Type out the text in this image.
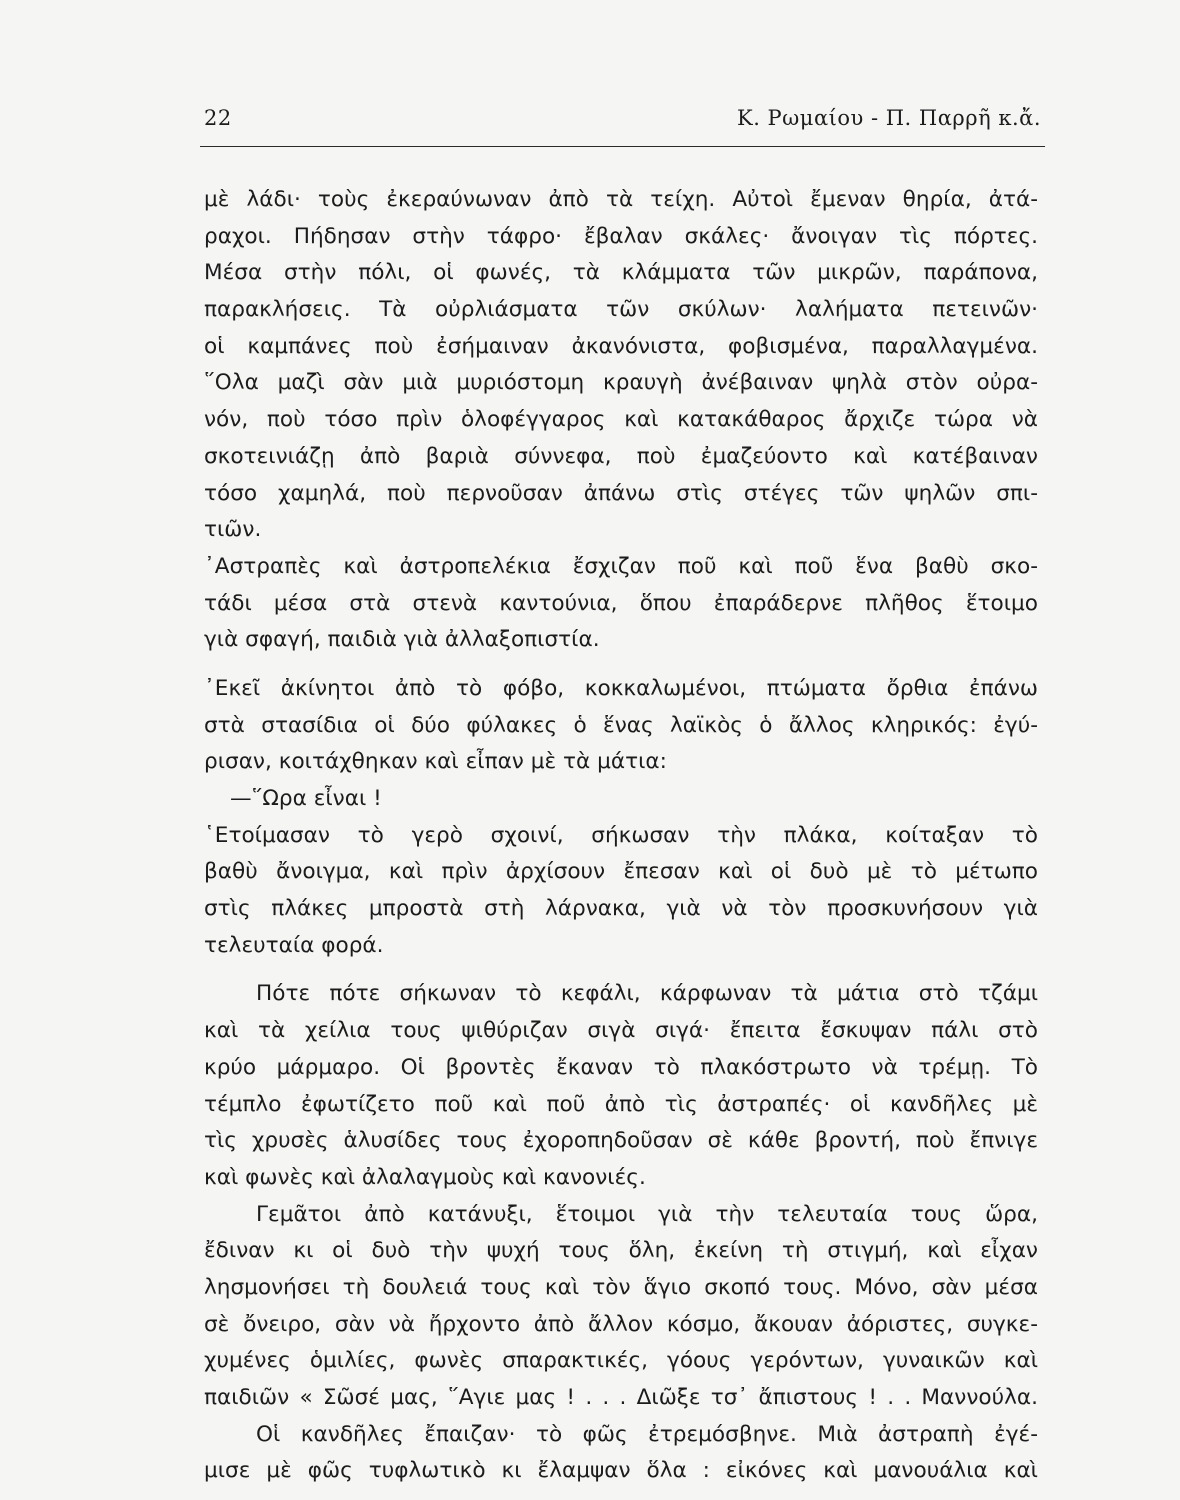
22	Κ. Ρωμαίου - Π. Παρρῆ κ.ἄ.
μὲ λάδι· τοὺς ἐκεραύνωναν ἀπὸ τὰ τείχη. Αὐτοὶ ἔμεναν θηρία, ἀτά-
ραχοι. Πήδησαν στὴν τάφρο· ἔβαλαν σκάλες· ἄνοιγαν τὶς πόρτες.
Μέσα στὴν πόλι, οἱ φωνές, τὰ κλάμματα τῶν μικρῶν, παράπονα,
παρακλήσεις. Τὰ οὐρλιάσματα τῶν σκύλων· λαλήματα πετεινῶν·
οἱ καμπάνες ποὺ ἐσήμαιναν ἀκανόνιστα, φοβισμένα, παραλλαγμένα.
῞Ολα μαζὶ σὰν μιὰ μυριόστομη κραυγὴ ἀνέβαιναν ψηλὰ στὸν οὐρα-
νόν, ποὺ τόσο πρὶν ὁλοφέγγαρος καὶ κατακάθαρος ἄρχιζε τώρα νὰ
σκοτεινιάζῃ ἀπὸ βαριὰ σύννεφα, ποὺ ἐμαζεύοντο καὶ κατέβαιναν
τόσο χαμηλά, ποὺ περνοῦσαν ἀπάνω στὶς στέγες τῶν ψηλῶν σπι-
τιῶν.
᾿Αστραπὲς καὶ ἀστροπελέκια ἔσχιζαν ποῦ καὶ ποῦ ἕνα βαθὺ σκο-
τάδι μέσα στὰ στενὰ καντούνια, ὅπου ἐπαράδερνε πλῆθος ἕτοιμο
γιὰ σφαγή, παιδιὰ γιὰ ἀλλαξοπιστία.
᾿Εκεῖ ἀκίνητοι ἀπὸ τὸ φόβο, κοκκαλωμένοι, πτώματα ὄρθια ἐπάνω
στὰ στασίδια οἱ δύο φύλακες ὁ ἕνας λαϊκὸς ὁ ἄλλος κληρικός: ἐγύ-
ρισαν, κοιτάχθηκαν καὶ εἶπαν μὲ τὰ μάτια:
—῞Ωρα εἶναι !
῾Ετοίμασαν τὸ γερὸ σχοινί, σήκωσαν τὴν πλάκα, κοίταξαν τὸ
βαθὺ ἄνοιγμα, καὶ πρὶν ἀρχίσουν ἔπεσαν καὶ οἱ δυὸ μὲ τὸ μέτωπο
στὶς πλάκες μπροστὰ στὴ λάρνακα, γιὰ νὰ τὸν προσκυνήσουν γιὰ
τελευταία φορά.
Πότε πότε σήκωναν τὸ κεφάλι, κάρφωναν τὰ μάτια στὸ τζάμι
καὶ τὰ χείλια τους ψιθύριζαν σιγὰ σιγά· ἔπειτα ἔσκυψαν πάλι στὸ
κρύο μάρμαρο. Οἱ βροντὲς ἔκαναν τὸ πλακόστρωτο νὰ τρέμῃ. Τὸ
τέμπλο ἐφωτίζετο ποῦ καὶ ποῦ ἀπὸ τὶς ἀστραπές· οἱ κανδῆλες μὲ
τὶς χρυσὲς ἁλυσίδες τους ἐχοροπηδοῦσαν σὲ κάθε βροντή, ποὺ ἔπνιγε
καὶ φωνὲς καὶ ἀλαλαγμοὺς καὶ κανονιές.
Γεμᾶτοι ἀπὸ κατάνυξι, ἕτοιμοι γιὰ τὴν τελευταία τους ὥρα,
ἔδιναν κι οἱ δυὸ τὴν ψυχή τους ὅλη, ἐκείνη τὴ στιγμή, καὶ εἶχαν
λησμονήσει τὴ δουλειά τους καὶ τὸν ἅγιο σκοπό τους. Μόνο, σὰν μέσα
σὲ ὄνειρο, σὰν νὰ ἤρχοντο ἀπὸ ἄλλον κόσμο, ἄκουαν ἀόριστες, συγκε-
χυμένες ὁμιλίες, φωνὲς σπαρακτικές, γόους γερόντων, γυναικῶν καὶ
παιδιῶν « Σῶσέ μας, ῞Αγιε μας ! . . . Διῶξε τσ᾿ ἄπιστους ! . . Μαννούλα.
Οἱ κανδῆλες ἔπαιζαν· τὸ φῶς ἐτρεμόσβηνε. Μιὰ ἀστραπὴ ἐγέ-
μισε μὲ φῶς τυφλωτικὸ κι ἔλαμψαν ὅλα : εἰκόνες καὶ μανουάλια καὶ
